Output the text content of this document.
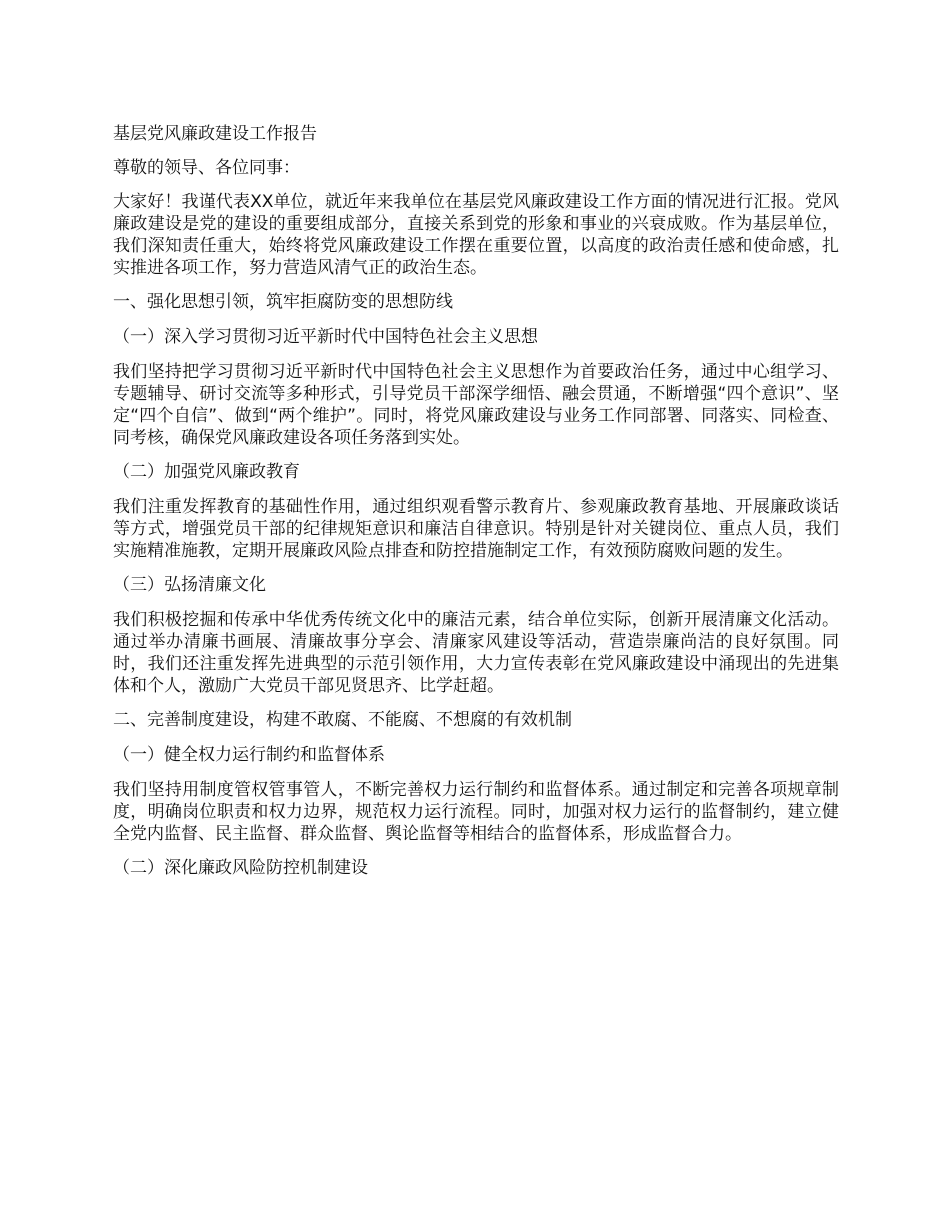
基层党风廉政建设工作报告

尊敬的领导、各位同事：

大家好！我谨代表XX单位，就近年来我单位在基层党风廉政建设工作方面的情况进行汇报。党风廉政建设是党的建设的重要组成部分，直接关系到党的形象和事业的兴衰成败。作为基层单位，我们深知责任重大，始终将党风廉政建设工作摆在重要位置，以高度的政治责任感和使命感，扎实推进各项工作，努力营造风清气正的政治生态。

一、强化思想引领，筑牢拒腐防变的思想防线

（一）深入学习贯彻习近平新时代中国特色社会主义思想

我们坚持把学习贯彻习近平新时代中国特色社会主义思想作为首要政治任务，通过中心组学习、专题辅导、研讨交流等多种形式，引导党员干部深学细悟、融会贯通，不断增强“四个意识”、坚定“四个自信”、做到“两个维护”。同时，将党风廉政建设与业务工作同部署、同落实、同检查、同考核，确保党风廉政建设各项任务落到实处。

（二）加强党风廉政教育

我们注重发挥教育的基础性作用，通过组织观看警示教育片、参观廉政教育基地、开展廉政谈话等方式，增强党员干部的纪律规矩意识和廉洁自律意识。特别是针对关键岗位、重点人员，我们实施精准施教，定期开展廉政风险点排查和防控措施制定工作，有效预防腐败问题的发生。

（三）弘扬清廉文化

我们积极挖掘和传承中华优秀传统文化中的廉洁元素，结合单位实际，创新开展清廉文化活动。通过举办清廉书画展、清廉故事分享会、清廉家风建设等活动，营造崇廉尚洁的良好氛围。同时，我们还注重发挥先进典型的示范引领作用，大力宣传表彰在党风廉政建设中涌现出的先进集体和个人，激励广大党员干部见贤思齐、比学赶超。

二、完善制度建设，构建不敢腐、不能腐、不想腐的有效机制

（一）健全权力运行制约和监督体系

我们坚持用制度管权管事管人，不断完善权力运行制约和监督体系。通过制定和完善各项规章制度，明确岗位职责和权力边界，规范权力运行流程。同时，加强对权力运行的监督制约，建立健全党内监督、民主监督、群众监督、舆论监督等相结合的监督体系，形成监督合力。

（二）深化廉政风险防控机制建设
